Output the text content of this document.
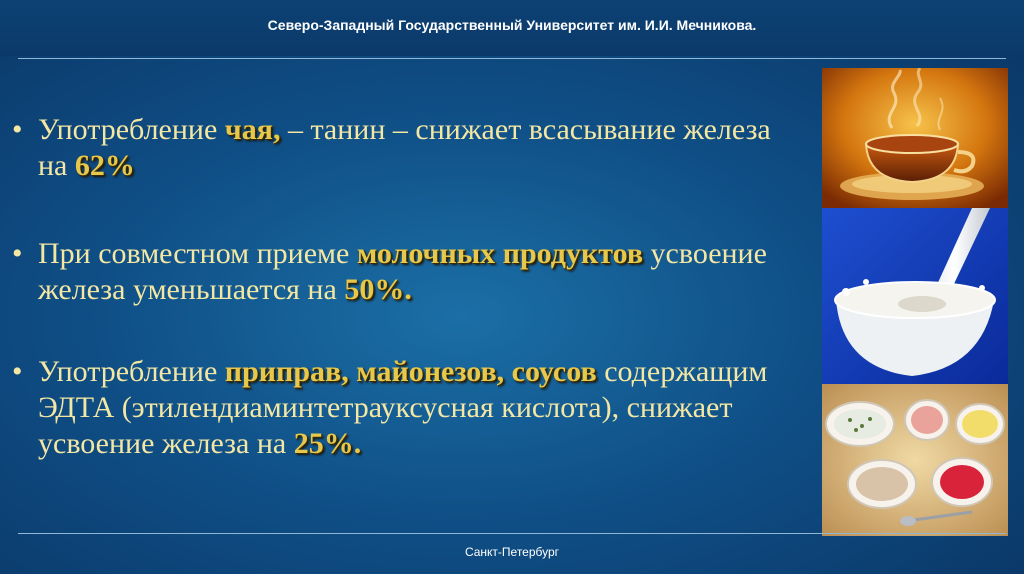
Северо-Западный Государственный Университет им. И.И. Мечникова.
• Употребление чая, – танин – снижает всасывание железа на 62%
• При совместном приеме молочных продуктов усвоение железа уменьшается на 50%.
• Употребление приправ, майонезов, соусов содержащим ЭДТА (этилендиаминтетрауксусная кислота), снижает усвоение железа на 25%.
Санкт-Петербург
